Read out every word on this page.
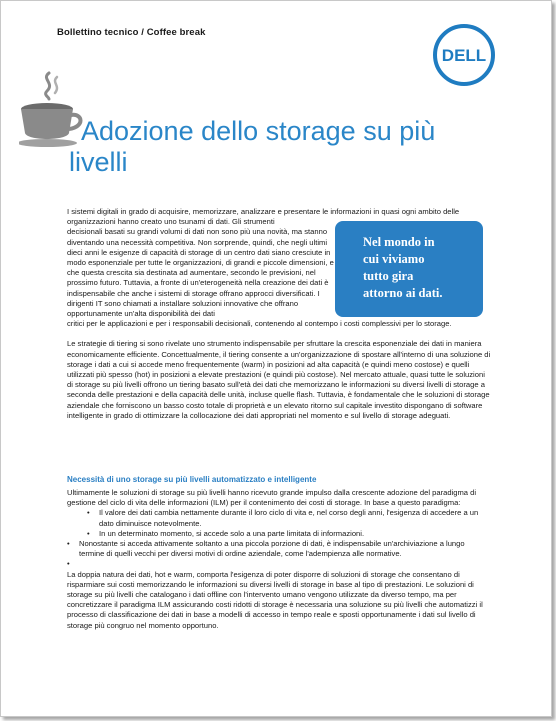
Bollettino tecnico / Coffee break
DELL
Adozione dello storage su più
livelli
Nel mondo in
cui viviamo
tutto gira
attorno ai dati.

I sistemi digitali in grado di acquisire, memorizzare, analizzare e presentare le informazioni in quasi ogni ambito delle organizzazioni hanno creato uno tsunami di dati. Gli strumenti
decisionali basati su grandi volumi di dati non sono più una novità, ma stanno diventando una necessità competitiva. Non sorprende, quindi, che negli ultimi dieci anni le esigenze di capacità di storage di un centro dati siano cresciute in modo esponenziale per tutte le organizzazioni, di grandi e piccole dimensioni, e che questa crescita sia destinata ad aumentare, secondo le previsioni, nel prossimo futuro. Tuttavia, a fronte di un'eterogeneità nella creazione dei dati è indispensabile che anche i sistemi di storage offrano approcci diversificati. I dirigenti IT sono chiamati a installare soluzioni innovative che offrano opportunamente un'alta disponibilità dei dati
critici per le applicazioni e per i responsabili decisionali, contenendo al contempo i costi complessivi per lo storage.

Le strategie di tiering si sono rivelate uno strumento indispensabile per sfruttare la crescita esponenziale dei dati in maniera economicamente efficiente. Concettualmente, il tiering consente a un'organizzazione di spostare all'interno di una soluzione di storage i dati a cui si accede meno frequentemente (warm) in posizioni ad alta capacità (e quindi meno costose) e quelli utilizzati più spesso (hot) in posizioni a elevate prestazioni (e quindi più costose). Nel mercato attuale, quasi tutte le soluzioni di storage su più livelli offrono un tiering basato sull'età dei dati che memorizzano le informazioni su diversi livelli di storage a seconda delle prestazioni e della capacità delle unità, incluse quelle flash. Tuttavia, è fondamentale che le soluzioni di storage aziendale che forniscono un basso costo totale di proprietà e un elevato ritorno sul capitale investito dispongano di software intelligente in grado di ottimizzare la collocazione dei dati appropriati nel momento e sul livello di storage adeguati.

Necessità di uno storage su più livelli automatizzato e intelligente

Ultimamente le soluzioni di storage su più livelli hanno ricevuto grande impulso dalla crescente adozione del paradigma di gestione del ciclo di vita delle informazioni (ILM) per il contenimento dei costi di storage. In base a questo paradigma:

• Il valore dei dati cambia nettamente durante il loro ciclo di vita e, nel corso degli anni, l'esigenza di accedere a un dato diminuisce notevolmente.
• In un determinato momento, si accede solo a una parte limitata di informazioni.
• Nonostante si acceda attivamente soltanto a una piccola porzione di dati, è indispensabile un'archiviazione a lungo termine di quelli vecchi per diversi motivi di ordine aziendale, come l'adempienza alle normative.
•

La doppia natura dei dati, hot e warm, comporta l'esigenza di poter disporre di soluzioni di storage che consentano di risparmiare sui costi memorizzando le informazioni su diversi livelli di storage in base al tipo di prestazioni. Le soluzioni di storage su più livelli che catalogano i dati offline con l'intervento umano vengono utilizzate da diverso tempo, ma per concretizzare il paradigma ILM assicurando costi ridotti di storage è necessaria una soluzione su più livelli che automatizzi il processo di classificazione dei dati in base a modelli di accesso in tempo reale e sposti opportunamente i dati sul livello di storage più congruo nel momento opportuno.
